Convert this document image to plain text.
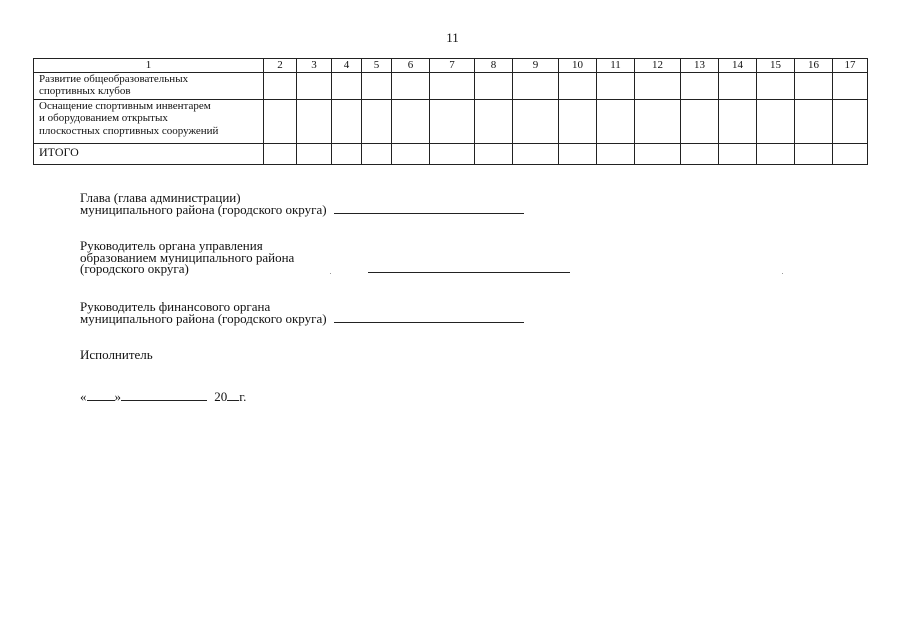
11
1	2	3	4	5	6	7	8	9	10	11	12	13	14	15	16	17

Развитие общеобразовательных
спортивных клубов																

Оснащение спортивным инвентарем
и оборудованием открытых
плоскостных спортивных сооружений																

ИТОГО																
Глава (глава администрации)
муниципального района (городского округа)
Руководитель органа управления
образованием муниципального района
(городского округа)
Руководитель финансового органа
муниципального района (городского округа)
Исполнитель
« »	20 г.
